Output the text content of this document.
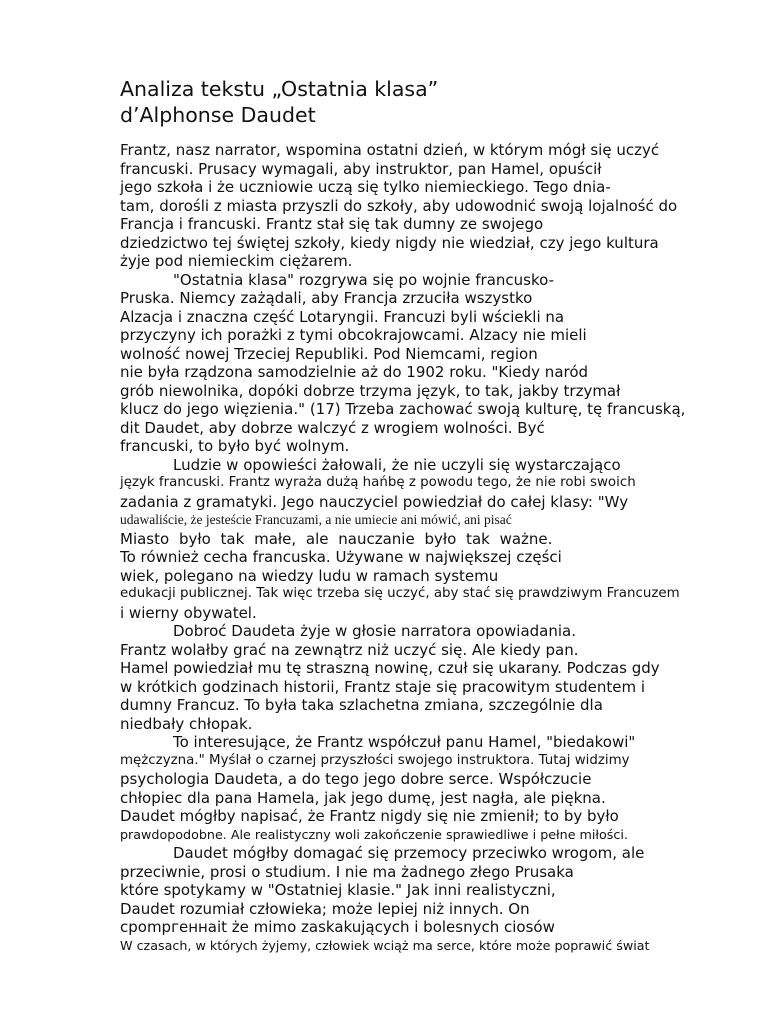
Analiza tekstu „Ostatnia klasa”
d’Alphonse Daudet
Frantz, nasz narrator, wspomina ostatni dzień, w którym mógł się uczyć
francuski. Prusacy wymagali, aby instruktor, pan Hamel, opuścił
jego szkoła i że uczniowie uczą się tylko niemieckiego. Tego dnia-
tam, dorośli z miasta przyszli do szkoły, aby udowodnić swoją lojalność do
Francja i francuski. Frantz stał się tak dumny ze swojego
dziedzictwo tej świętej szkoły, kiedy nigdy nie wiedział, czy jego kultura
żyje pod niemieckim ciężarem.
"Ostatnia klasa" rozgrywa się po wojnie francusko-
Pruska. Niemcy zażądali, aby Francja zrzuciła wszystko
Alzacja i znaczna część Lotaryngii. Francuzi byli wściekli na
przyczyny ich porażki z tymi obcokrajowcami. Alzacy nie mieli
wolność nowej Trzeciej Republiki. Pod Niemcami, region
nie była rządzona samodzielnie aż do 1902 roku. "Kiedy naród
grób niewolnika, dopóki dobrze trzyma język, to tak, jakby trzymał
klucz do jego więzienia." (17) Trzeba zachować swoją kulturę, tę francuską,
dit Daudet, aby dobrze walczyć z wrogiem wolności. Być
francuski, to było być wolnym.
Ludzie w opowieści żałowali, że nie uczyli się wystarczająco
język francuski. Frantz wyraża dużą hańbę z powodu tego, że nie robi swoich
zadania z gramatyki. Jego nauczyciel powiedział do całej klasy: "Wy
udawaliście, że jesteście Francuzami, a nie umiecie ani mówić, ani pisać
Miasto było tak małe, ale nauczanie było tak ważne.
To również cecha francuska. Używane w największej części
wiek, polegano na wiedzy ludu w ramach systemu
edukacji publicznej. Tak więc trzeba się uczyć, aby stać się prawdziwym Francuzem
i wierny obywatel.
Dobroć Daudeta żyje w głosie narratora opowiadania.
Frantz wolałby grać na zewnątrz niż uczyć się. Ale kiedy pan.
Hamel powiedział mu tę straszną nowinę, czuł się ukarany. Podczas gdy
w krótkich godzinach historii, Frantz staje się pracowitym studentem i
dumny Francuz. To była taka szlachetna zmiana, szczególnie dla
niedbały chłopak.
To interesujące, że Frantz współczuł panu Hamel, "biedakowi"
mężczyzna." Myślał o czarnej przyszłości swojego instruktora. Tutaj widzimy
psychologia Daudeta, a do tego jego dobre serce. Współczucie
chłopiec dla pana Hamela, jak jego dumę, jest nagła, ale piękna.
Daudet mógłby napisać, że Frantz nigdy się nie zmienił; to by było
prawdopodobne. Ale realistyczny woli zakończenie sprawiedliwe i pełne miłości.
Daudet mógłby domagać się przemocy przeciwko wrogom, ale
przeciwnie, prosi o studium. I nie ma żadnego złego Prusaka
które spotykamy w "Ostatniej klasie." Jak inni realistyczni,
Daudet rozumiał człowieka; może lepiej niż innych. On
срomргеннait że mimo zaskakujących i bolesnych ciosów
W czasach, w których żyjemy, człowiek wciąż ma serce, które może poprawić świat
